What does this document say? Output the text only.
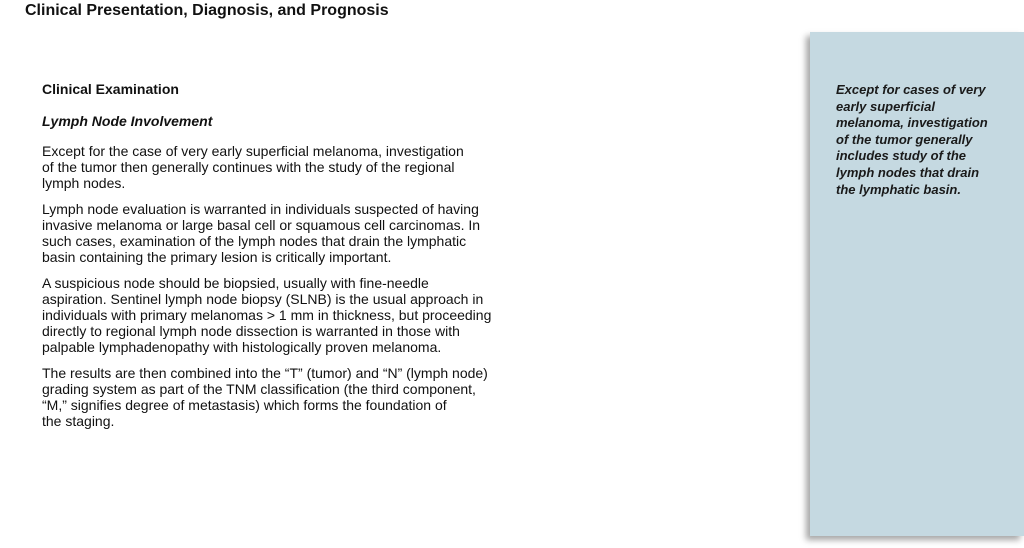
Clinical Presentation, Diagnosis, and Prognosis
Clinical Examination
Lymph Node Involvement

Except for the case of very early superficial melanoma, investigation
of the tumor then generally continues with the study of the regional
lymph nodes.

Lymph node evaluation is warranted in individuals suspected of having
invasive melanoma or large basal cell or squamous cell carcinomas. In
such cases, examination of the lymph nodes that drain the lymphatic
basin containing the primary lesion is critically important.

A suspicious node should be biopsied, usually with fine-needle
aspiration. Sentinel lymph node biopsy (SLNB) is the usual approach in
individuals with primary melanomas > 1 mm in thickness, but proceeding
directly to regional lymph node dissection is warranted in those with
palpable lymphadenopathy with histologically proven melanoma.

The results are then combined into the “T” (tumor) and “N” (lymph node)
grading system as part of the TNM classification (the third component,
“M,” signifies degree of metastasis) which forms the foundation of
the staging.

Except for cases of very
early superficial
melanoma, investigation
of the tumor generally
includes study of the
lymph nodes that drain
the lymphatic basin.
